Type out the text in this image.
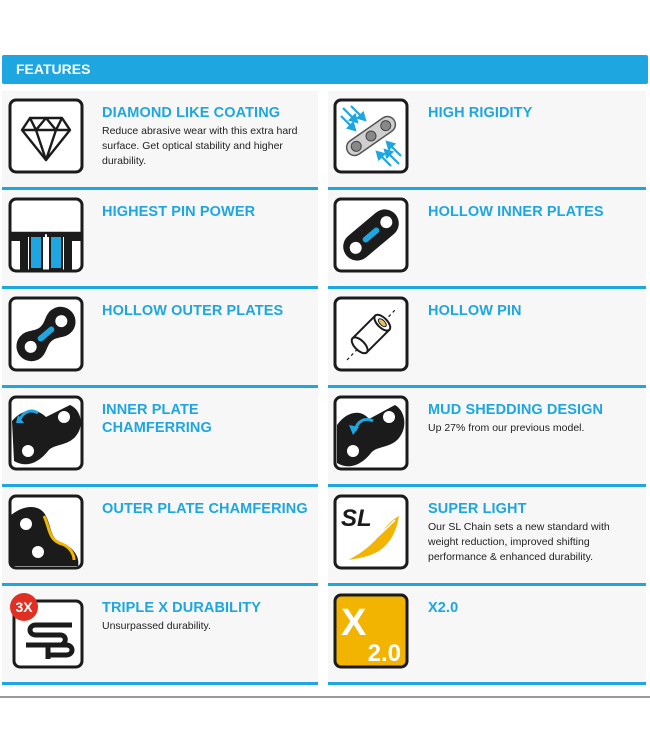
FEATURES
DIAMOND LIKE COATING
Reduce abrasive wear with this extra hard surface. Get optical stability and higher durability.
HIGH RIGIDITY
HIGHEST PIN POWER	HOLLOW INNER PLATES
HOLLOW OUTER PLATES	HOLLOW PIN
INNER PLATE CHAMFERRING
MUD SHEDDING DESIGN
Up 27% from our previous model.
OUTER PLATE CHAMFERING SL	SUPER LIGHT
Our SL Chain sets a new standard with weight reduction, improved shifting performance & enhanced durability.
3X	TRIPLE X DURABILITY
Unsurpassed durability.	X
2.0
X2.0
